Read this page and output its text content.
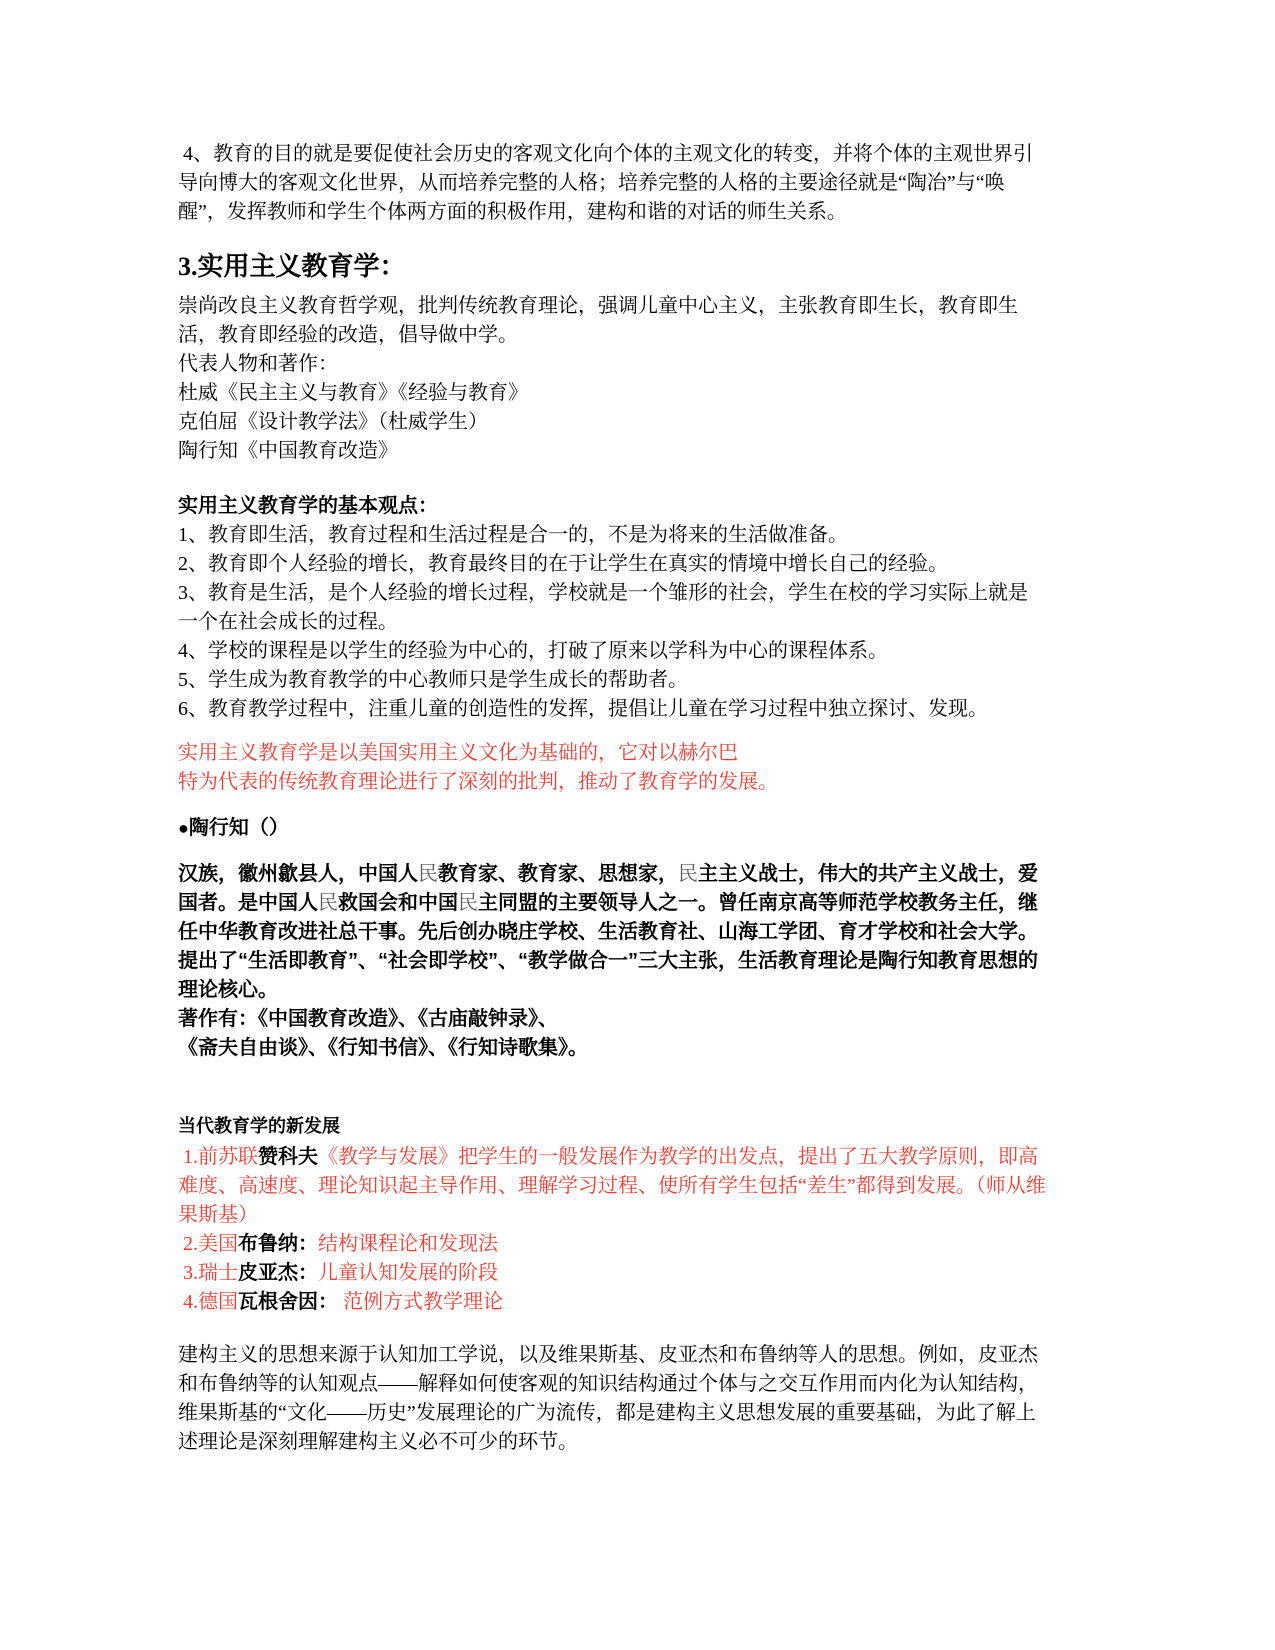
4、教育的目的就是要促使社会历史的客观文化向个体的主观文化的转变，并将个体的主观世界引导向博大的客观文化世界，从而培养完整的人格；培养完整的人格的主要途径就是“陶冶”与“唤醒”，发挥教师和学生个体两方面的积极作用，建构和谐的对话的师生关系。

3.实用主义教育学：

崇尚改良主义教育哲学观，批判传统教育理论，强调儿童中心主义，主张教育即生长，教育即生活，教育即经验的改造，倡导做中学。

代表人物和著作：

杜威《民主主义与教育》《经验与教育》

克伯屈《设计教学法》（杜威学生）

陶行知《中国教育改造》

实用主义教育学的基本观点：

1、教育即生活，教育过程和生活过程是合一的，不是为将来的生活做准备。

2、教育即个人经验的增长，教育最终目的在于让学生在真实的情境中增长自己的经验。

3、教育是生活，是个人经验的增长过程，学校就是一个雏形的社会，学生在校的学习实际上就是一个在社会成长的过程。

4、学校的课程是以学生的经验为中心的，打破了原来以学科为中心的课程体系。

5、学生成为教育教学的中心教师只是学生成长的帮助者。

6、教育教学过程中，注重儿童的创造性的发挥，提倡让儿童在学习过程中独立探讨、发现。

实用主义教育学是以美国实用主义文化为基础的，它对以赫尔巴

特为代表的传统教育理论进行了深刻的批判，推动了教育学的发展。

●陶行知（）

汉族，徽州歙县人，中国人民教育家、教育家、思想家，民主主义战士，伟大的共产主义战士，爱国者。是中国人民救国会和中国民主同盟的主要领导人之一。曾任南京高等师范学校教务主任，继任中华教育改进社总干事。先后创办晓庄学校、生活教育社、山海工学团、育才学校和社会大学。提出了“生活即教育”、“社会即学校”、“教学做合一”三大主张，生活教育理论是陶行知教育思想的理论核心。

著作有：《中国教育改造》、《古庙敲钟录》、

《斋夫自由谈》、《行知书信》、《行知诗歌集》。

当代教育学的新发展

1.前苏联赞科夫《教学与发展》把学生的一般发展作为教学的出发点，提出了五大教学原则，即高难度、高速度、理论知识起主导作用、理解学习过程、使所有学生包括“差生”都得到发展。（师从维果斯基）

2.美国布鲁纳：结构课程论和发现法

3.瑞士皮亚杰：儿童认知发展的阶段

4.德国瓦根舍因： 范例方式教学理论

建构主义的思想来源于认知加工学说，以及维果斯基、皮亚杰和布鲁纳等人的思想。例如，皮亚杰和布鲁纳等的认知观点——解释如何使客观的知识结构通过个体与之交互作用而内化为认知结构，维果斯基的“文化——历史”发展理论的广为流传，都是建构主义思想发展的重要基础，为此了解上述理论是深刻理解建构主义必不可少的环节。
